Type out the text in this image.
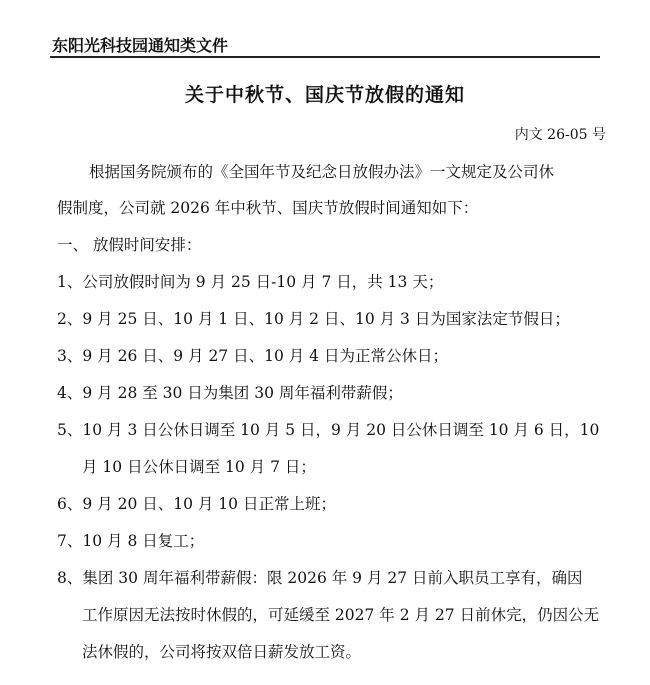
东阳光科技园通知类文件
关于中秋节、国庆节放假的通知
内文 26-05 号
根据国务院颁布的《全国年节及纪念日放假办法》一文规定及公司休
假制度，公司就 2026 年中秋节、国庆节放假时间通知如下：
一、 放假时间安排：
1、公司放假时间为 9 月 25 日-10 月 7 日，共 13 天；
2、9 月 25 日、10 月 1 日、10 月 2 日、10 月 3 日为国家法定节假日；
3、9 月 26 日、9 月 27 日、10 月 4 日为正常公休日；
4、9 月 28 至 30 日为集团 30 周年福利带薪假；
5、10 月 3 日公休日调至 10 月 5 日，9 月 20 日公休日调至 10 月 6 日，10
月 10 日公休日调至 10 月 7 日；
6、9 月 20 日、10 月 10 日正常上班；
7、10 月 8 日复工；
8、集团 30 周年福利带薪假：限 2026 年 9 月 27 日前入职员工享有，确因
工作原因无法按时休假的，可延缓至 2027 年 2 月 27 日前休完，仍因公无
法休假的，公司将按双倍日薪发放工资。
